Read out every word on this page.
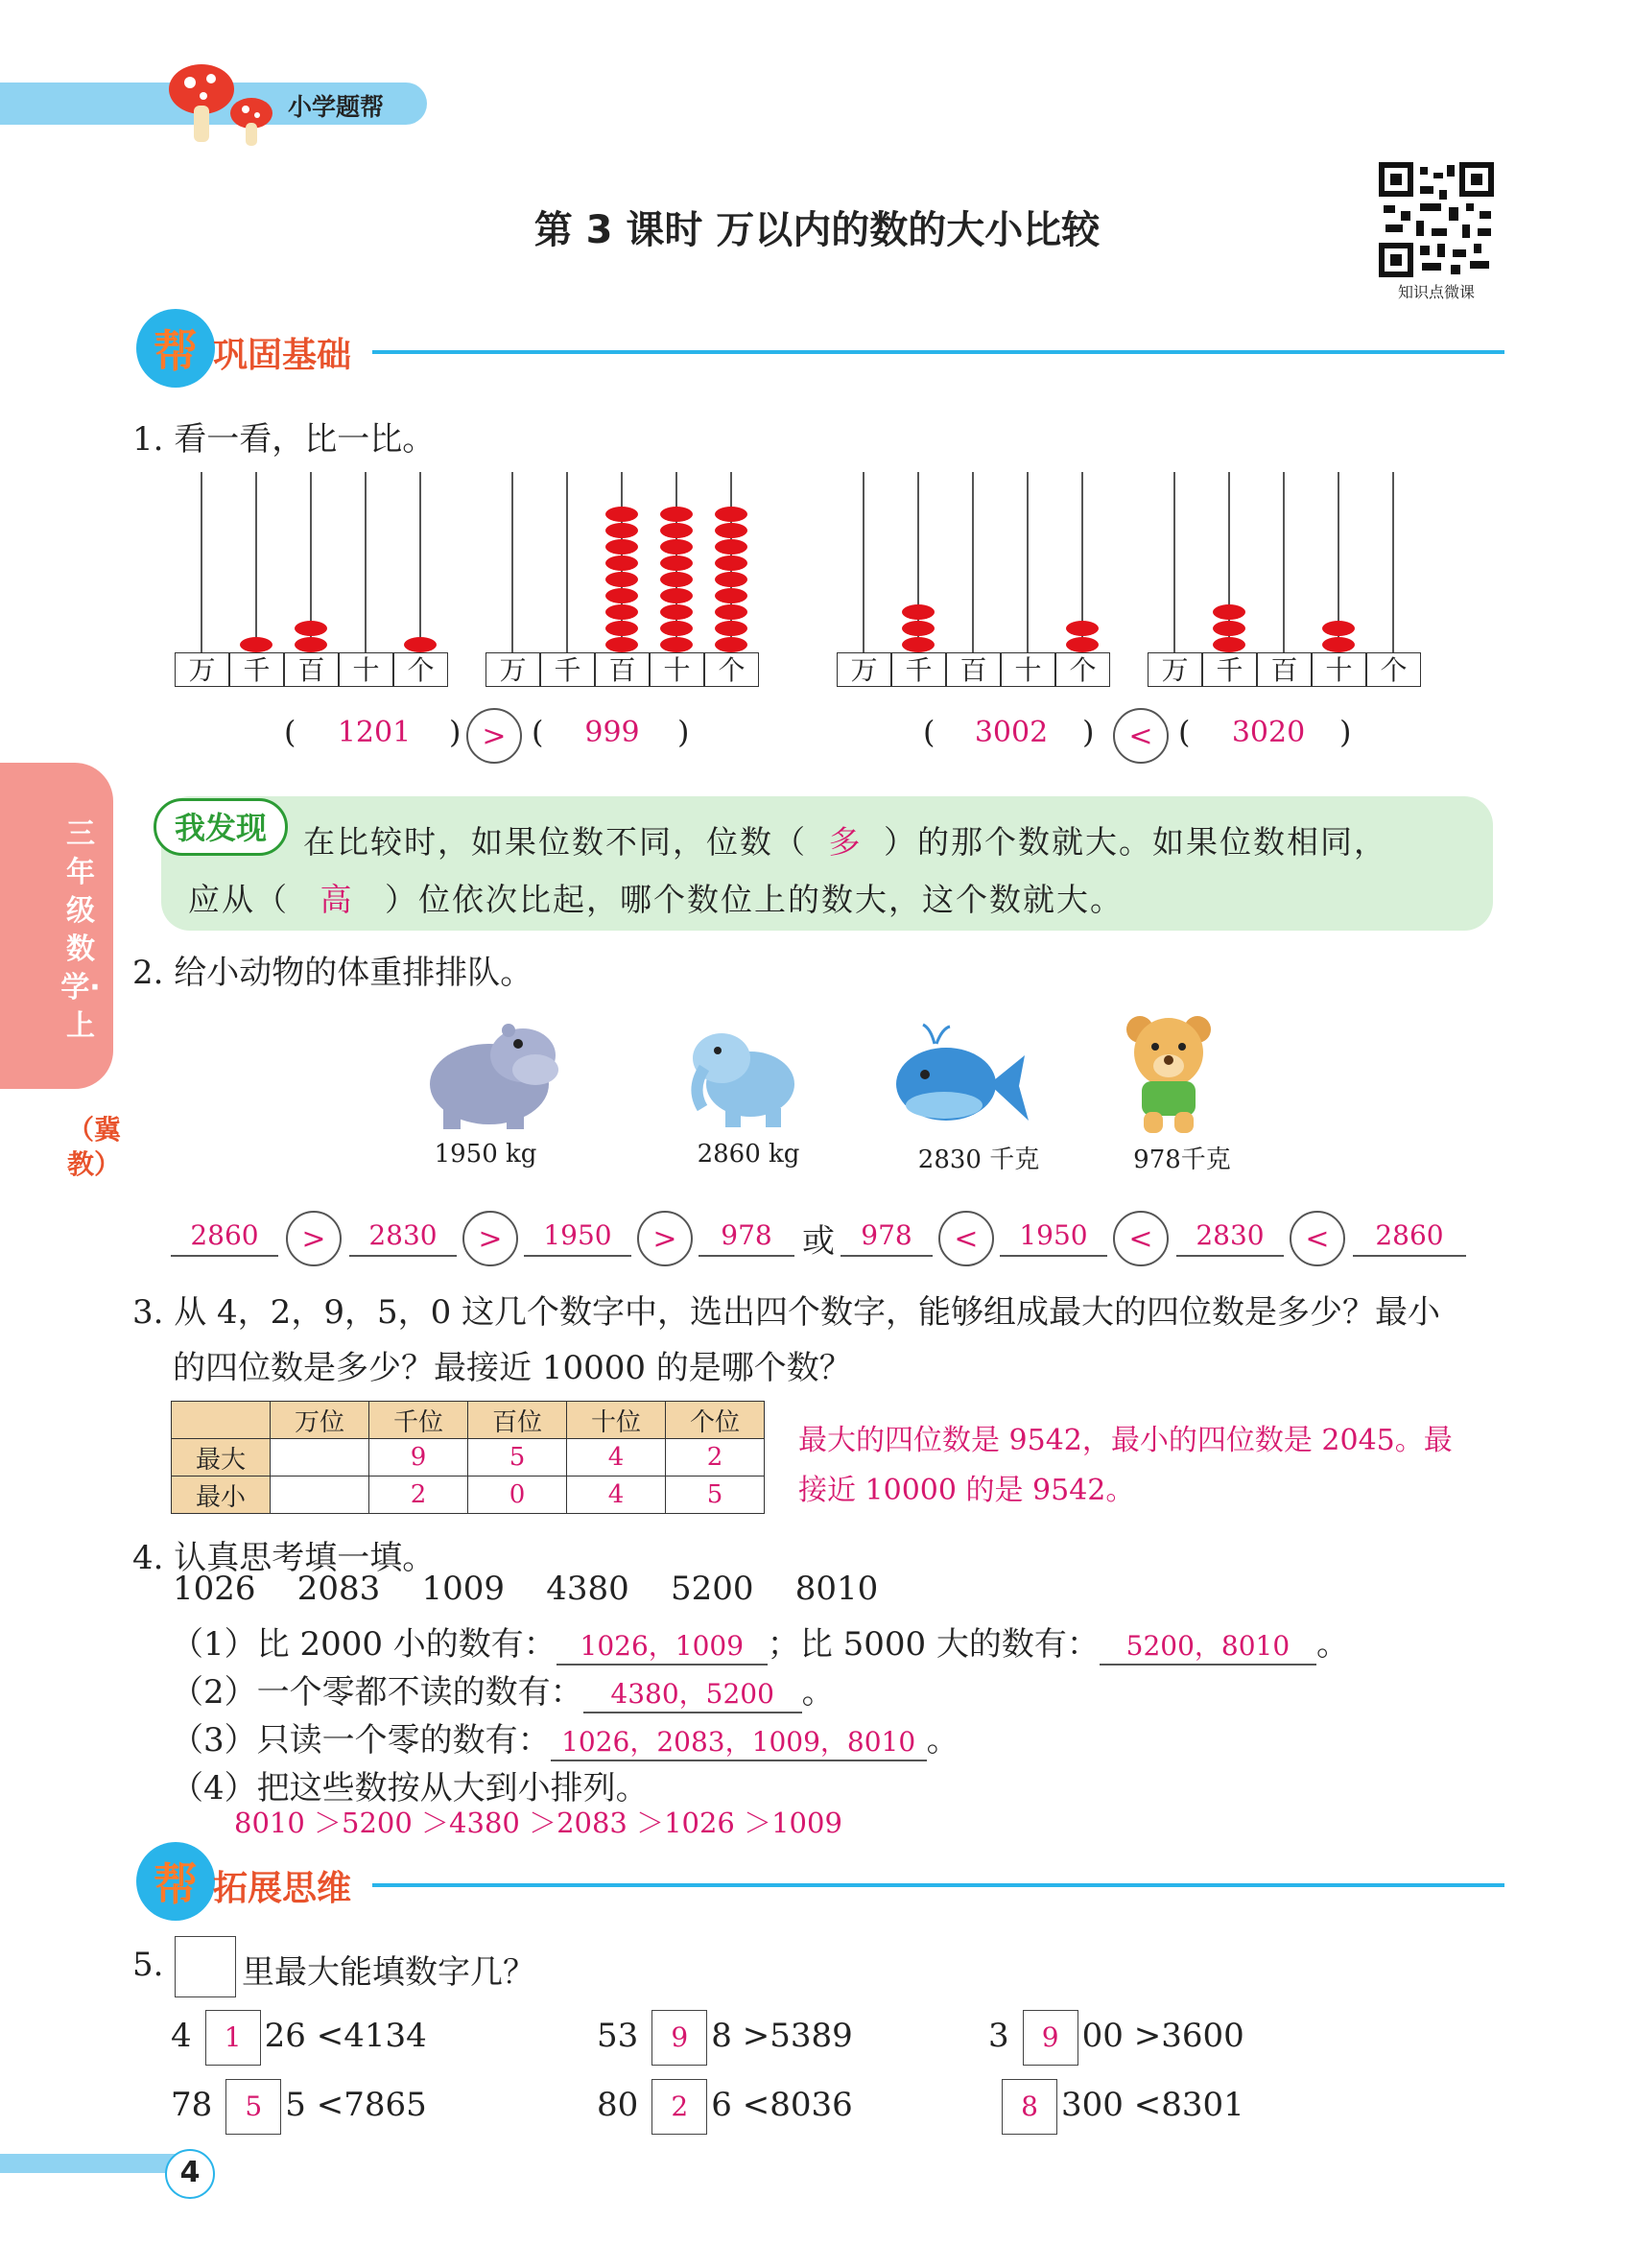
小学题帮
知识点微课
第 3 课时 万以内的数的大小比较
三年级数学·上
（冀教）
帮 巩固基础
1. 看一看，比一比。
万	千	百	十	个	万	千	百	十	个	万	千	百	十	个	万	千	百	十	个
(	1201	) > (	999	)	(	3002	)	< (	3020	)
我发现	在比较时，如果位数不同，位数（ 多 ）的那个数就大。如果位数相同，
应从（ 高 ）位依次比起，哪个数位上的数大，这个数就大。
2. 给小动物的体重排排队。
1950 kg	2860 kg	2830 千克	978千克
2860	>	2830	>	1950	>	978 或 978	<	1950	<	2830	<	2860
3. 从 4，2，9，5，0 这几个数字中，选出四个数字，能够组成最大的四位数是多少？最小
的四位数是多少？最接近 10000 的是哪个数？
	万位	千位	百位	十位	个位
最大		9	5	4	2
最小		2	0	4	5
最大的四位数是 9542，最小的四位数是 2045。最
接近 10000 的是 9542。
4. 认真思考填一填。
1026    2083    1009    4380    5200    8010
（1）比 2000 小的数有： 1026，1009 ；比 5000 大的数有： 5200，8010 。
（2）一个零都不读的数有： 4380，5200 。
（3）只读一个零的数有： 1026，2083，1009，8010 。
（4）把这些数按从大到小排列。
8010 ＞5200 ＞4380 ＞2083 ＞1026 ＞1009
帮 拓展思维
5. 里最大能填数字几？
4 1 26 <4134	53 9 8 >5389	3 9 00 >3600
78 5 5 <7865	80 2 6 <8036	8 300 <8301
4
